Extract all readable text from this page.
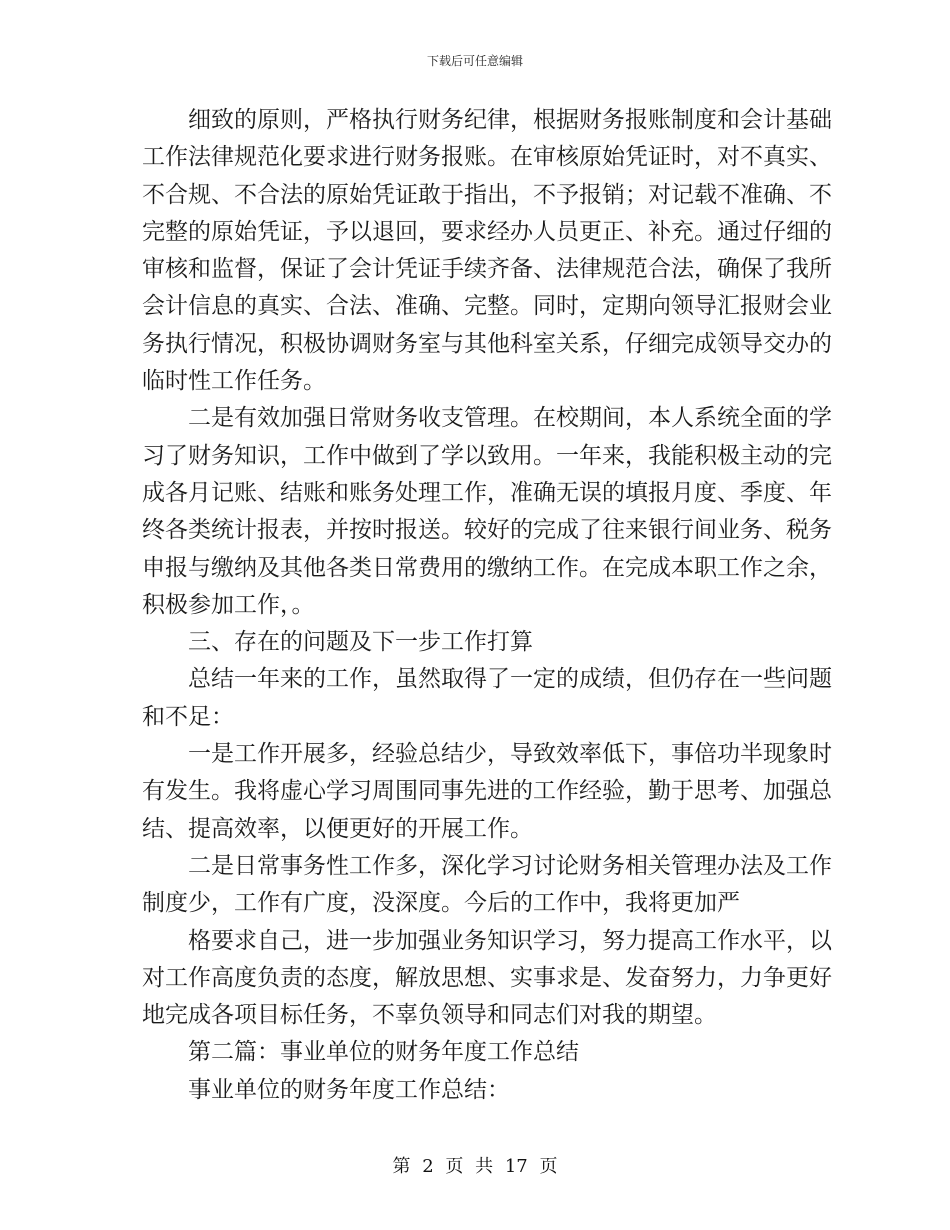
下载后可任意编辑

细致的原则，严格执行财务纪律，根据财务报账制度和会计基础

工作法律规范化要求进行财务报账。在审核原始凭证时，对不真实、

不合规、不合法的原始凭证敢于指出，不予报销；对记载不准确、不

完整的原始凭证，予以退回，要求经办人员更正、补充。通过仔细的

审核和监督，保证了会计凭证手续齐备、法律规范合法，确保了我所

会计信息的真实、合法、准确、完整。同时，定期向领导汇报财会业

务执行情况，积极协调财务室与其他科室关系，仔细完成领导交办的

临时性工作任务。

二是有效加强日常财务收支管理。在校期间，本人系统全面的学

习了财务知识，工作中做到了学以致用。一年来，我能积极主动的完

成各月记账、结账和账务处理工作，准确无误的填报月度、季度、年

终各类统计报表，并按时报送。较好的完成了往来银行间业务、税务

申报与缴纳及其他各类日常费用的缴纳工作。在完成本职工作之余，

积极参加工作，。

三、存在的问题及下一步工作打算

总结一年来的工作，虽然取得了一定的成绩，但仍存在一些问题

和不足：

一是工作开展多，经验总结少，导致效率低下，事倍功半现象时

有发生。我将虚心学习周围同事先进的工作经验，勤于思考、加强总

结、提高效率，以便更好的开展工作。

二是日常事务性工作多，深化学习讨论财务相关管理办法及工作

制度少，工作有广度，没深度。今后的工作中，我将更加严

格要求自己，进一步加强业务知识学习，努力提高工作水平，以

对工作高度负责的态度，解放思想、实事求是、发奋努力，力争更好

地完成各项目标任务，不辜负领导和同志们对我的期望。

第二篇：事业单位的财务年度工作总结

事业单位的财务年度工作总结：

第 2 页 共 17 页
